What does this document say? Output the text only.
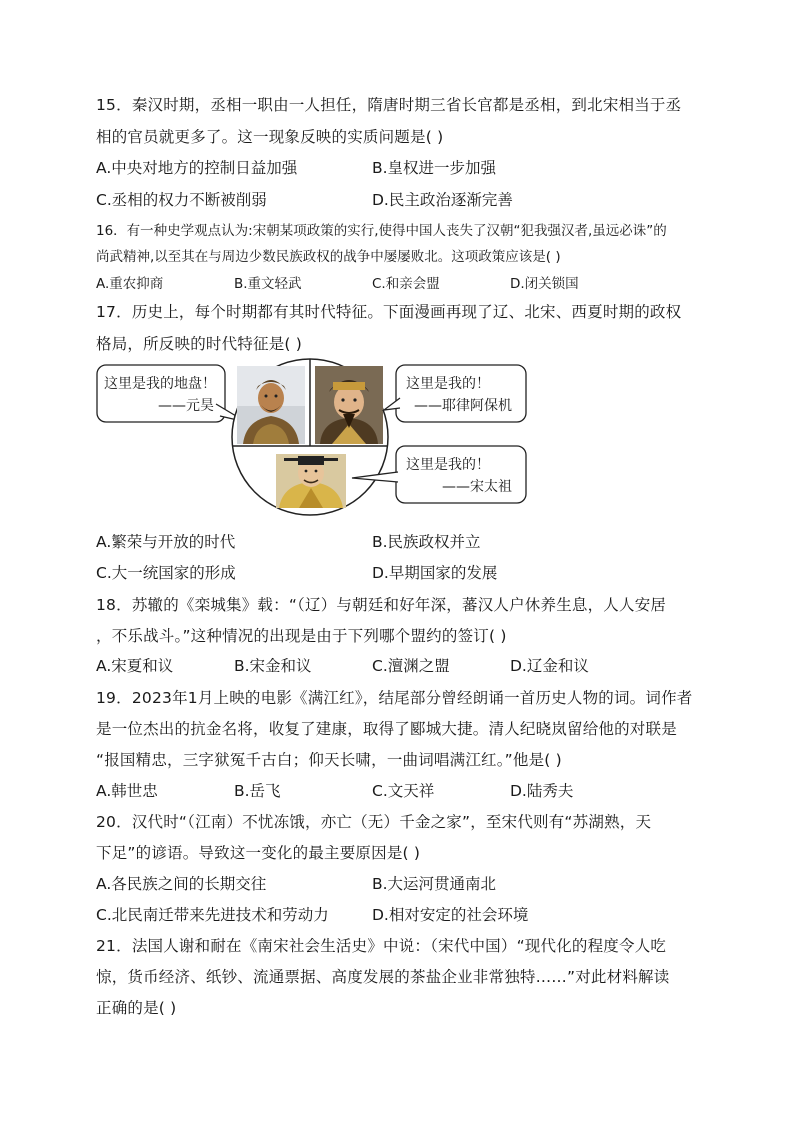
15．秦汉时期，丞相一职由一人担任，隋唐时期三省长官都是丞相，到北宋相当于丞
相的官员就更多了。这一现象反映的实质问题是( )
A.中央对地方的控制日益加强	B.皇权进一步加强
C.丞相的权力不断被削弱	D.民主政治逐渐完善
16．有一种史学观点认为:宋朝某项政策的实行,使得中国人丧失了汉朝“犯我强汉者,虽远必诛”的
尚武精神,以至其在与周边少数民族政权的战争中屡屡败北。这项政策应该是( )
A.重农抑商	B.重文轻武	C.和亲会盟	D.闭关锁国
17．历史上，每个时期都有其时代特征。下面漫画再现了辽、北宋、西夏时期的政权
格局，所反映的时代特征是( )
这里是我的地盘！
——元昊
这里是我的！
——耶律阿保机
这里是我的！
——宋太祖
A.繁荣与开放的时代	B.民族政权并立
C.大一统国家的形成	D.早期国家的发展
18．苏辙的《栾城集》载：“（辽）与朝廷和好年深，蕃汉人户休养生息，人人安居
，不乐战斗。”这种情况的出现是由于下列哪个盟约的签订( )
A.宋夏和议	B.宋金和议	C.澶渊之盟	D.辽金和议
19．2023年1月上映的电影《满江红》，结尾部分曾经朗诵一首历史人物的词。词作者
是一位杰出的抗金名将，收复了建康，取得了郾城大捷。清人纪晓岚留给他的对联是
“报国精忠，三字狱冤千古白；仰天长啸，一曲词唱满江红。”他是( )
A.韩世忠	B.岳飞	C.文天祥	D.陆秀夫
20．汉代时“（江南）不忧冻饿，亦亡（无）千金之家”，至宋代则有“苏湖熟，天
下足”的谚语。导致这一变化的最主要原因是( )
A.各民族之间的长期交往	B.大运河贯通南北
C.北民南迁带来先进技术和劳动力	D.相对安定的社会环境
21．法国人谢和耐在《南宋社会生活史》中说：（宋代中国）“现代化的程度令人吃
惊，货币经济、纸钞、流通票据、高度发展的茶盐企业非常独特……”对此材料解读
正确的是( )
